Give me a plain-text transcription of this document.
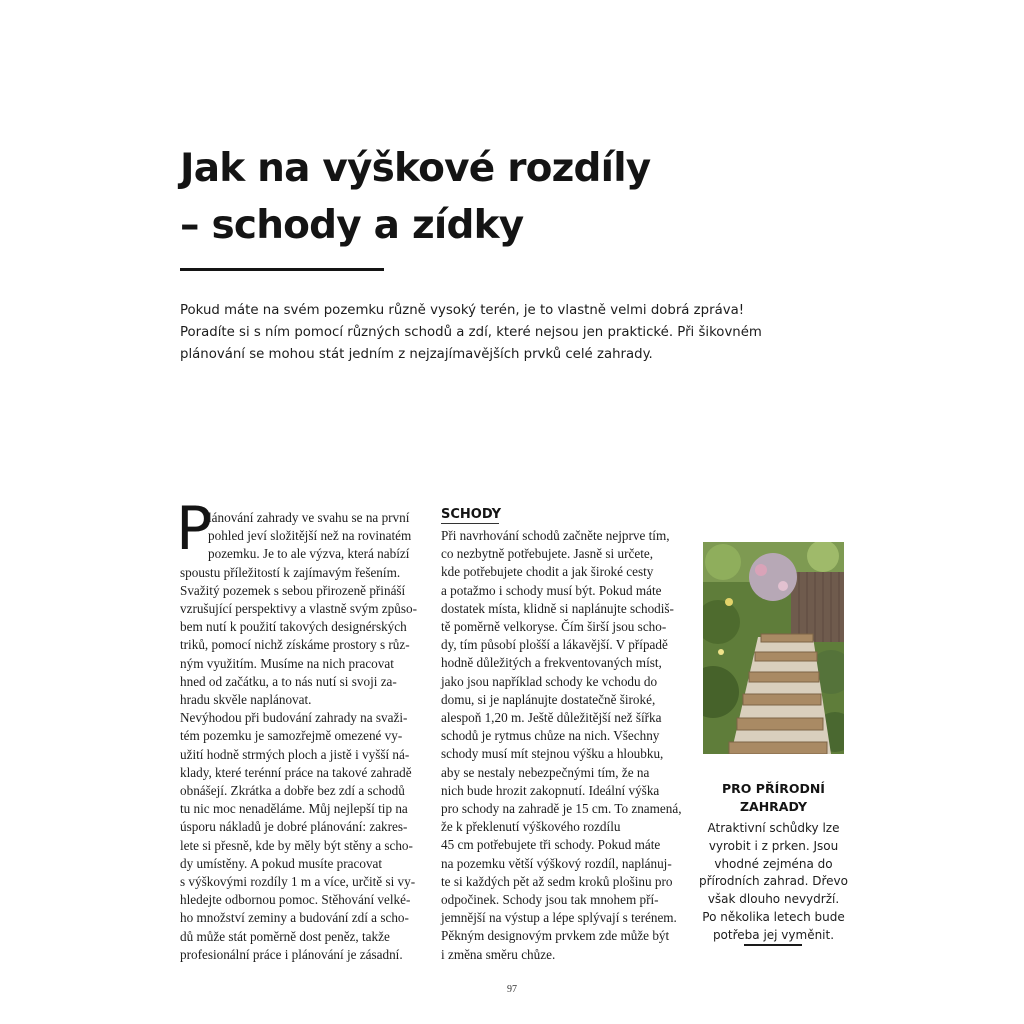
Jak na výškové rozdíly
– schody a zídky
Pokud máte na svém pozemku různě vysoký terén, je to vlastně velmi dobrá zpráva!
Poradíte si s ním pomocí různých schodů a zdí, které nejsou jen praktické. Při šikovném
plánování se mohou stát jedním z nejzajímavějších prvků celé zahrady.
P
lánování zahrady ve svahu se na první
pohled jeví složitější než na rovinatém
pozemku. Je to ale výzva, která nabízí
spoustu příležitostí k zajímavým řešením.
Svažitý pozemek s sebou přirozeně přináší
vzrušující perspektivy a vlastně svým způso-
bem nutí k použití takových designérských
triků, pomocí nichž získáme prostory s růz-
ným využitím. Musíme na nich pracovat
hned od začátku, a to nás nutí si svoji za-
hradu skvěle naplánovat.
Nevýhodou při budování zahrady na svaži-
tém pozemku je samozřejmě omezené vy-
užití hodně strmých ploch a jistě i vyšší ná-
klady, které terénní práce na takové zahradě
obnášejí. Zkrátka a dobře bez zdí a schodů
tu nic moc nenaděláme. Můj nejlepší tip na
úsporu nákladů je dobré plánování: zakres-
lete si přesně, kde by měly být stěny a scho-
dy umístěny. A pokud musíte pracovat
s výškovými rozdíly 1 m a více, určitě si vy-
hledejte odbornou pomoc. Stěhování velké-
ho množství zeminy a budování zdí a scho-
dů může stát poměrně dost peněz, takže
profesionální práce i plánování je zásadní.
SCHODY
Při navrhování schodů začněte nejprve tím,
co nezbytně potřebujete. Jasně si určete,
kde potřebujete chodit a jak široké cesty
a potažmo i schody musí být. Pokud máte
dostatek místa, klidně si naplánujte schodiš-
tě poměrně velkoryse. Čím širší jsou scho-
dy, tím působí plošší a lákavější. V případě
hodně důležitých a frekventovaných míst,
jako jsou například schody ke vchodu do
domu, si je naplánujte dostatečně široké,
alespoň 1,20 m. Ještě důležitější než šířka
schodů je rytmus chůze na nich. Všechny
schody musí mít stejnou výšku a hloubku,
aby se nestaly nebezpečnými tím, že na
nich bude hrozit zakopnutí. Ideální výška
pro schody na zahradě je 15 cm. To znamená,
že k překlenutí výškového rozdílu
45 cm potřebujete tři schody. Pokud máte
na pozemku větší výškový rozdíl, naplánuj-
te si každých pět až sedm kroků plošinu pro
odpočinek. Schody jsou tak mnohem pří-
jemnější na výstup a lépe splývají s terénem.
Pěkným designovým prvkem zde může být
i změna směru chůze.
PRO PŘÍRODNÍ
ZAHRADY
Atraktivní schůdky lze
vyrobit i z prken. Jsou
vhodné zejména do
přírodních zahrad. Dřevo
však dlouho nevydrží.
Po několika letech bude
potřeba jej vyměnit.
97
